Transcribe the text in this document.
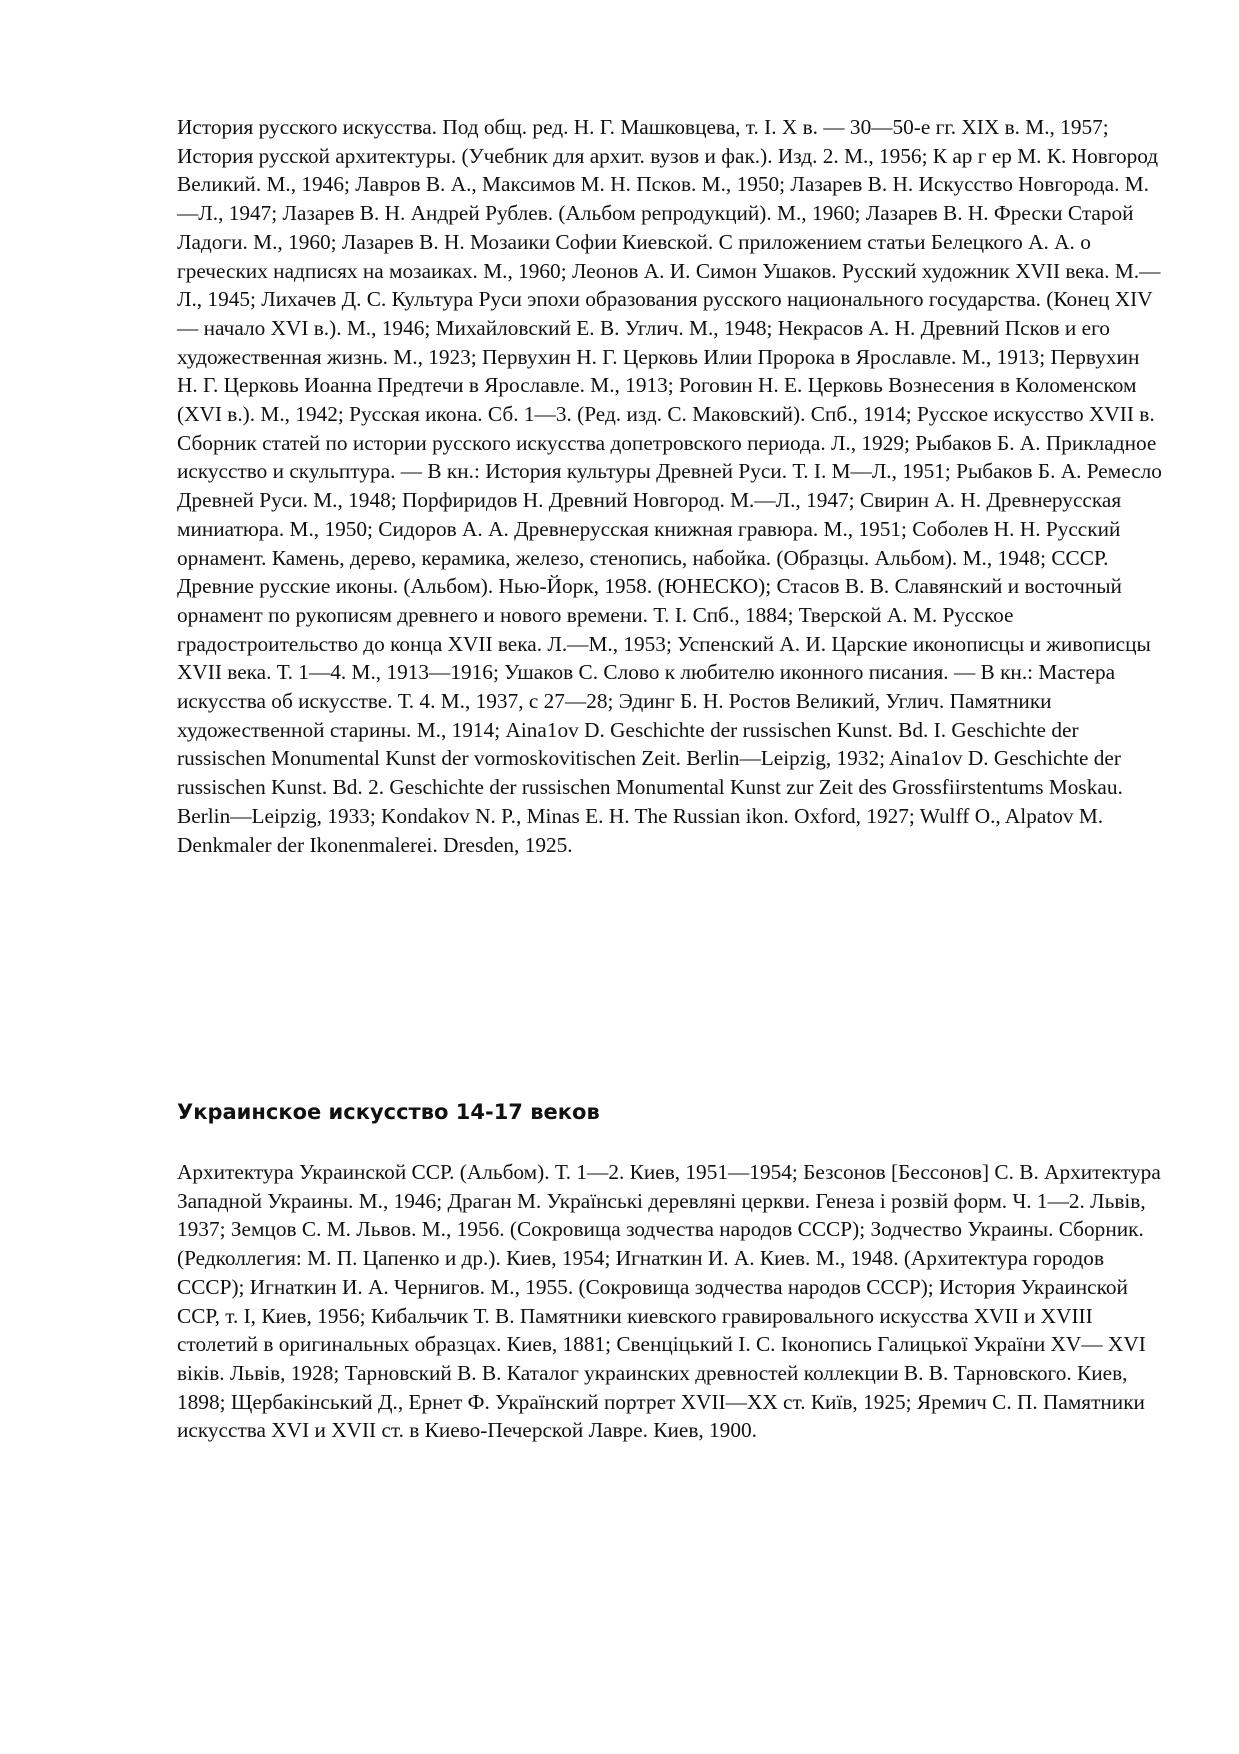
История русского искусства. Под общ. ред. Н. Г. Машковцева, т. I. X в. — 30—50-е гг. XIX в. М., 1957; История русской архитектуры. (Учебник для архит. вузов и фак.). Изд. 2. М., 1956; К ар г ер М. К. Новгород Великий. М., 1946; Лавров В. А., Максимов М. Н. Псков. М., 1950; Лазарев В. Н. Искусство Новгорода. М.—Л., 1947; Лазарев В. Н. Андрей Рублев. (Альбом репродукций). М., 1960; Лазарев В. Н. Фрески Старой Ладоги. М., 1960; Лазарев В. Н. Мозаики Софии Киевской. С приложением статьи Белецкого А. А. о греческих надписях на мозаиках. М., 1960; Леонов А. И. Симон Ушаков. Русский художник XVII века. М.—Л., 1945; Лихачев Д. С. Культура Руси эпохи образования русского национального государства. (Конец XIV — начало XVI в.). М., 1946; Михайловский Е. В. Углич. М., 1948; Некрасов А. Н. Древний Псков и его художественная жизнь. М., 1923; Первухин Н. Г. Церковь Илии Пророка в Ярославле. М., 1913; Первухин Н. Г. Церковь Иоанна Предтечи в Ярославле. М., 1913; Роговин Н. Е. Церковь Вознесения в Коломенском (XVI в.). М., 1942; Русская икона. Сб. 1—3. (Ред. изд. С. Маковский). Спб., 1914; Русское искусство XVII в. Сборник статей по истории русского искусства допетровского периода. Л., 1929; Рыбаков Б. А. Прикладное искусство и скульптура. — В кн.: История культуры Древней Руси. Т. I. М—Л., 1951; Рыбаков Б. А. Ремесло Древней Руси. М., 1948; Порфиридов Н. Древний Новгород. М.—Л., 1947; Свирин А. Н. Древнерусская миниатюра. М., 1950; Сидоров А. А. Древнерусская книжная гравюра. М., 1951; Соболев Н. Н. Русский орнамент. Камень, дерево, керамика, железо, стенопись, набойка. (Образцы. Альбом). М., 1948; СССР. Древние русские иконы. (Альбом). Нью-Йорк, 1958. (ЮНЕСКО); Стасов В. В. Славянский и восточный орнамент по рукописям древнего и нового времени. Т. I. Спб., 1884; Тверской А. М. Русское градостроительство до конца XVII века. Л.—М., 1953; Успенский А. И. Царские иконописцы и живописцы XVII века. Т. 1—4. М., 1913—1916; Ушаков С. Слово к любителю иконного писания. — В кн.: Мастера искусства об искусстве. Т. 4. М., 1937, с 27—28; Эдинг Б. Н. Ростов Великий, Углич. Памятники художественной старины. М., 1914; Aina1ov D. Geschichte der russischen Kunst. Bd. I. Geschichte der russischen Monumental Kunst der vormoskovitischen Zeit. Berlin—Leipzig, 1932; Aina1ov D. Geschichte der russischen Kunst. Bd. 2. Geschichte der russischen Monumental Kunst zur Zeit des Grossfiirstentums Moskau. Berlin—Leipzig, 1933; Kondakov N. P., Minas E. H. The Russian ikon. Oxford, 1927; Wulff O., Alpatov M. Denkmaler der Ikonenmalerei. Dresden, 1925.

Украинское искусство 14-17 веков

Архитектура Украинской ССР. (Альбом). Т. 1—2. Киев, 1951—1954; Безсонов [Бессонов] С. В. Архитектура Западной Украины. М., 1946; Драган М. Українські деревляні церкви. Генеза і розвій форм. Ч. 1—2. Львів, 1937; Земцов С. М. Львов. М., 1956. (Сокровища зодчества народов СССР); Зодчество Украины. Сборник. (Редколлегия: М. П. Цапенко и др.). Киев, 1954; Игнаткин И. А. Киев. М., 1948. (Архитектура городов СССР); Игнаткин И. А. Чернигов. М., 1955. (Сокровища зодчества народов СССР); История Украинской ССР, т. I, Киев, 1956; Кибальчик Т. В. Памятники киевского гравировального искусства XVII и XVIII столетий в оригинальных образцах. Киев, 1881; Свенціцький І. С. Іконопись Галицької України XV— XVI віків. Львів, 1928; Тарновский В. В. Каталог украинских древностей коллекции В. В. Тарновского. Киев, 1898; Щербакінський Д., Ернет Ф. Українский портрет XVII—XX ст. Київ, 1925; Яремич С. П. Памятники искусства XVI и XVII ст. в Киево-Печерской Лавре. Киев, 1900.
